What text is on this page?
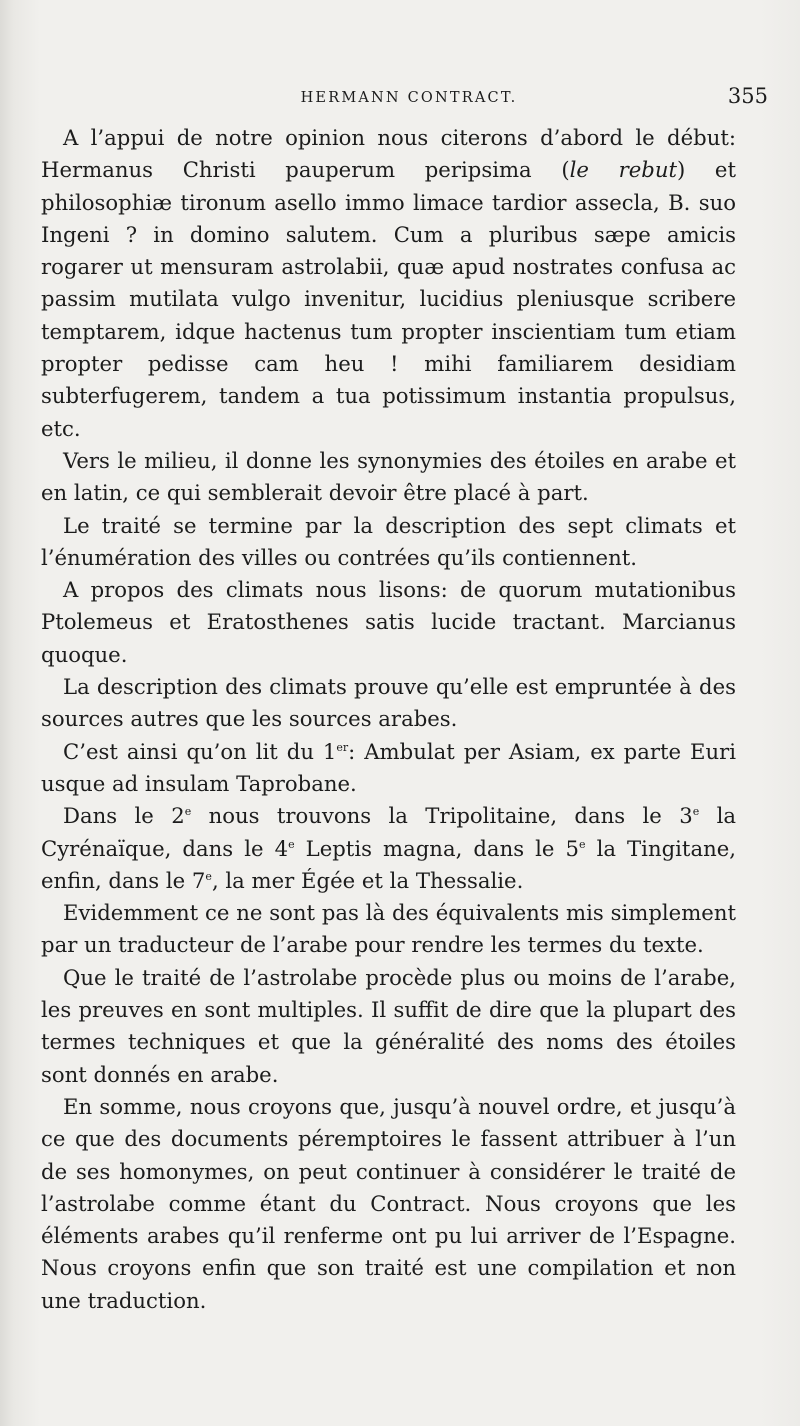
HERMANN CONTRACT.	355

A l’appui de notre opinion nous citerons d’abord le début: Hermanus Christi pauperum peripsima (le rebut) et philosophiæ tironum asello immo limace tardior assecla, B. suo Ingeni ? in domino salutem. Cum a pluribus sæpe amicis rogarer ut mensuram astrolabii, quæ apud nostrates confusa ac passim mutilata vulgo invenitur, lucidius pleniusque scribere temptarem, idque hactenus tum propter inscientiam tum etiam propter pedisse cam heu ! mihi familiarem desidiam subterfugerem, tandem a tua potissimum instantia propulsus, etc.

Vers le milieu, il donne les synonymies des étoiles en arabe et en latin, ce qui semblerait devoir être placé à part.

Le traité se termine par la description des sept climats et l’énumération des villes ou contrées qu’ils contiennent.

A propos des climats nous lisons: de quorum mutationibus Ptolemeus et Eratosthenes satis lucide tractant. Marcianus quoque.

La description des climats prouve qu’elle est empruntée à des sources autres que les sources arabes.

C’est ainsi qu’on lit du 1er: Ambulat per Asiam, ex parte Euri usque ad insulam Taprobane.

Dans le 2e nous trouvons la Tripolitaine, dans le 3e la Cyrénaïque, dans le 4e Leptis magna, dans le 5e la Tingitane, enfin, dans le 7e, la mer Égée et la Thessalie.

Evidemment ce ne sont pas là des équivalents mis simplement par un traducteur de l’arabe pour rendre les termes du texte.

Que le traité de l’astrolabe procède plus ou moins de l’arabe, les preuves en sont multiples. Il suffit de dire que la plupart des termes techniques et que la généralité des noms des étoiles sont donnés en arabe.

En somme, nous croyons que, jusqu’à nouvel ordre, et jusqu’à ce que des documents péremptoires le fassent attribuer à l’un de ses homonymes, on peut continuer à considérer le traité de l’astrolabe comme étant du Contract. Nous croyons que les éléments arabes qu’il renferme ont pu lui arriver de l’Espagne. Nous croyons enfin que son traité est une compilation et non une traduction.
